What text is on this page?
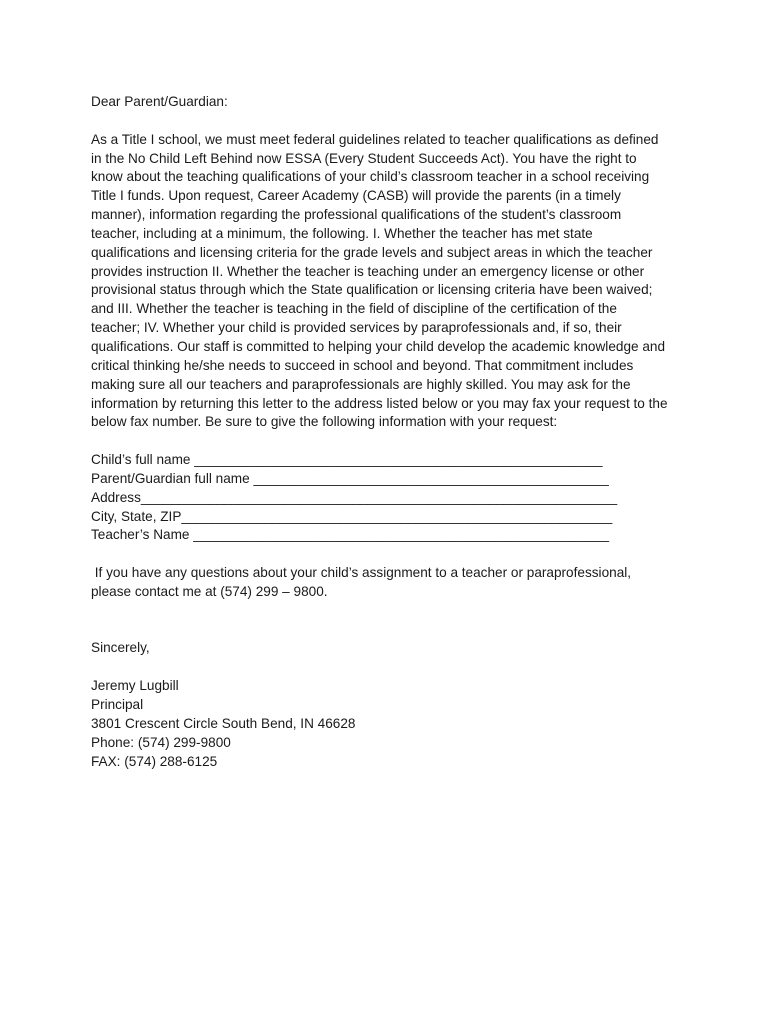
Dear Parent/Guardian:

As a Title I school, we must meet federal guidelines related to teacher qualifications as defined

in the No Child Left Behind now ESSA (Every Student Succeeds Act). You have the right to

know about the teaching qualifications of your child’s classroom teacher in a school receiving

Title I funds. Upon request, Career Academy (CASB) will provide the parents (in a timely

manner), information regarding the professional qualifications of the student’s classroom

teacher, including at a minimum, the following. I. Whether the teacher has met state

qualifications and licensing criteria for the grade levels and subject areas in which the teacher

provides instruction II. Whether the teacher is teaching under an emergency license or other

provisional status through which the State qualification or licensing criteria have been waived;

and III. Whether the teacher is teaching in the field of discipline of the certification of the

teacher; IV. Whether your child is provided services by paraprofessionals and, if so, their

qualifications. Our staff is committed to helping your child develop the academic knowledge and

critical thinking he/she needs to succeed in school and beyond. That commitment includes

making sure all our teachers and paraprofessionals are highly skilled. You may ask for the

information by returning this letter to the address listed below or you may fax your request to the

below fax number. Be sure to give the following information with your request:

Child’s full name ______________________________________________________

Parent/Guardian full name _______________________________________________

Address_______________________________________________________________

City, State, ZIP_________________________________________________________

Teacher’s Name _______________________________________________________

If you have any questions about your child’s assignment to a teacher or paraprofessional,

please contact me at (574) 299 – 9800.

Sincerely,

Jeremy Lugbill

Principal

3801 Crescent Circle South Bend, IN 46628

Phone: (574) 299-9800

FAX: (574) 288-6125
